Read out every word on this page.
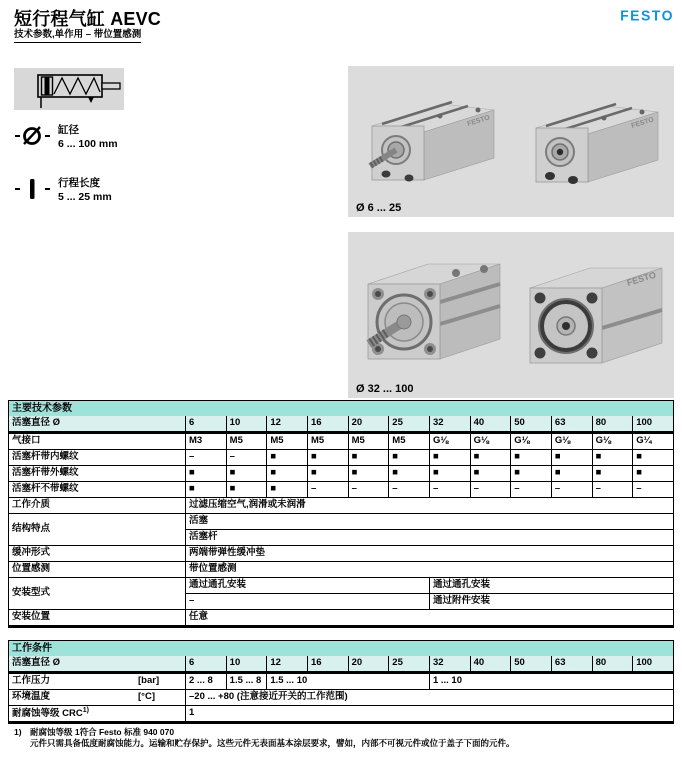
短行程气缸 AEVC
技术参数,单作用 – 带位置感测
FESTO
缸径
6 ... 100 mm
行程长度
5 ... 25 mm
FESTO	FESTO
Ø 6 ... 25
FESTO
Ø 32 ... 100
主要技术参数												
活塞直径 Ø	6	10	12	16	20	25	32	40	50	63	80	100
气接口	M3	M5	M5	M5	M5	M5	G⅛	G⅛	G⅛	G⅛	G⅛	G¼
活塞杆带内螺纹	–	–	■	■	■	■	■	■	■	■	■	■
活塞杆带外螺纹	■	■	■	■	■	■	■	■	■	■	■	■
活塞杆不带螺纹	■	■	■	–	–	–	–	–	–	–	–	–
工作介质	过滤压缩空气,润滑或未润滑											
结构特点	活塞											
	活塞杆											
缓冲形式	两端带弹性缓冲垫											
位置感测	带位置感测											
安装型式	通过通孔安装						通过通孔安装					
	–						通过附件安装					
安装位置	任意											
工作条件												
活塞直径 Ø	6	10	12	16	20	25	32	40	50	63	80	100
工作压力 [bar]	2 ... 8	1.5 ... 8	1.5 ... 10				1 ... 10					
环境温度 [°C]	–20 ... +80 (注意接近开关的工作范围)											
耐腐蚀等级 CRC$^{1)}$	1											
1) 耐腐蚀等级 1符合 Festo 标准 940 070
元件只需具备低度耐腐蚀能力。运输和贮存保护。这些元件无表面基本涂层要求，譬如，内部不可视元件或位于盖子下面的元件。
